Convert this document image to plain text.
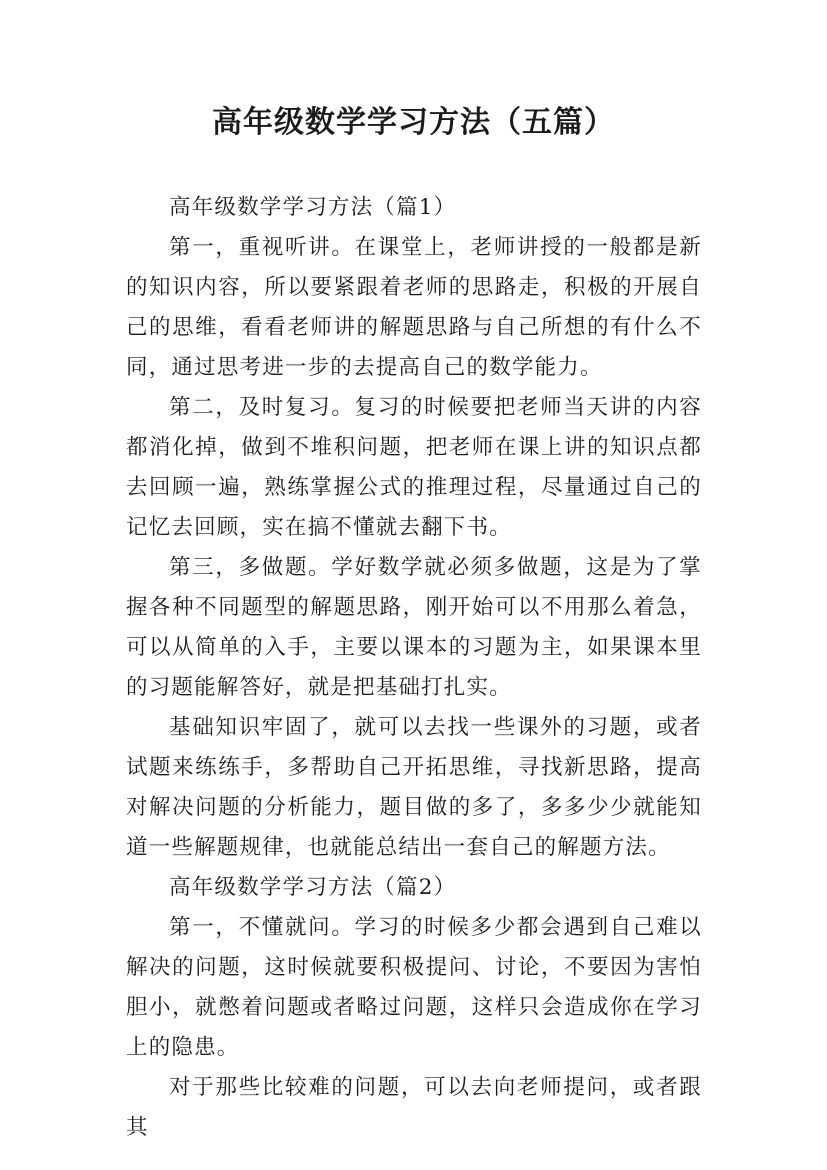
高年级数学学习方法（五篇）

高年级数学学习方法（篇1）

第一，重视听讲。在课堂上，老师讲授的一般都是新的知识内容，所以要紧跟着老师的思路走，积极的开展自己的思维，看看老师讲的解题思路与自己所想的有什么不同，通过思考进一步的去提高自己的数学能力。

第二，及时复习。复习的时候要把老师当天讲的内容都消化掉，做到不堆积问题，把老师在课上讲的知识点都去回顾一遍，熟练掌握公式的推理过程，尽量通过自己的记忆去回顾，实在搞不懂就去翻下书。

第三，多做题。学好数学就必须多做题，这是为了掌握各种不同题型的解题思路，刚开始可以不用那么着急，可以从简单的入手，主要以课本的习题为主，如果课本里的习题能解答好，就是把基础打扎实。

基础知识牢固了，就可以去找一些课外的习题，或者试题来练练手，多帮助自己开拓思维，寻找新思路，提高对解决问题的分析能力，题目做的多了，多多少少就能知道一些解题规律，也就能总结出一套自己的解题方法。

高年级数学学习方法（篇2）

第一，不懂就问。学习的时候多少都会遇到自己难以解决的问题，这时候就要积极提问、讨论，不要因为害怕胆小，就憋着问题或者略过问题，这样只会造成你在学习上的隐患。

对于那些比较难的问题，可以去向老师提问，或者跟其
